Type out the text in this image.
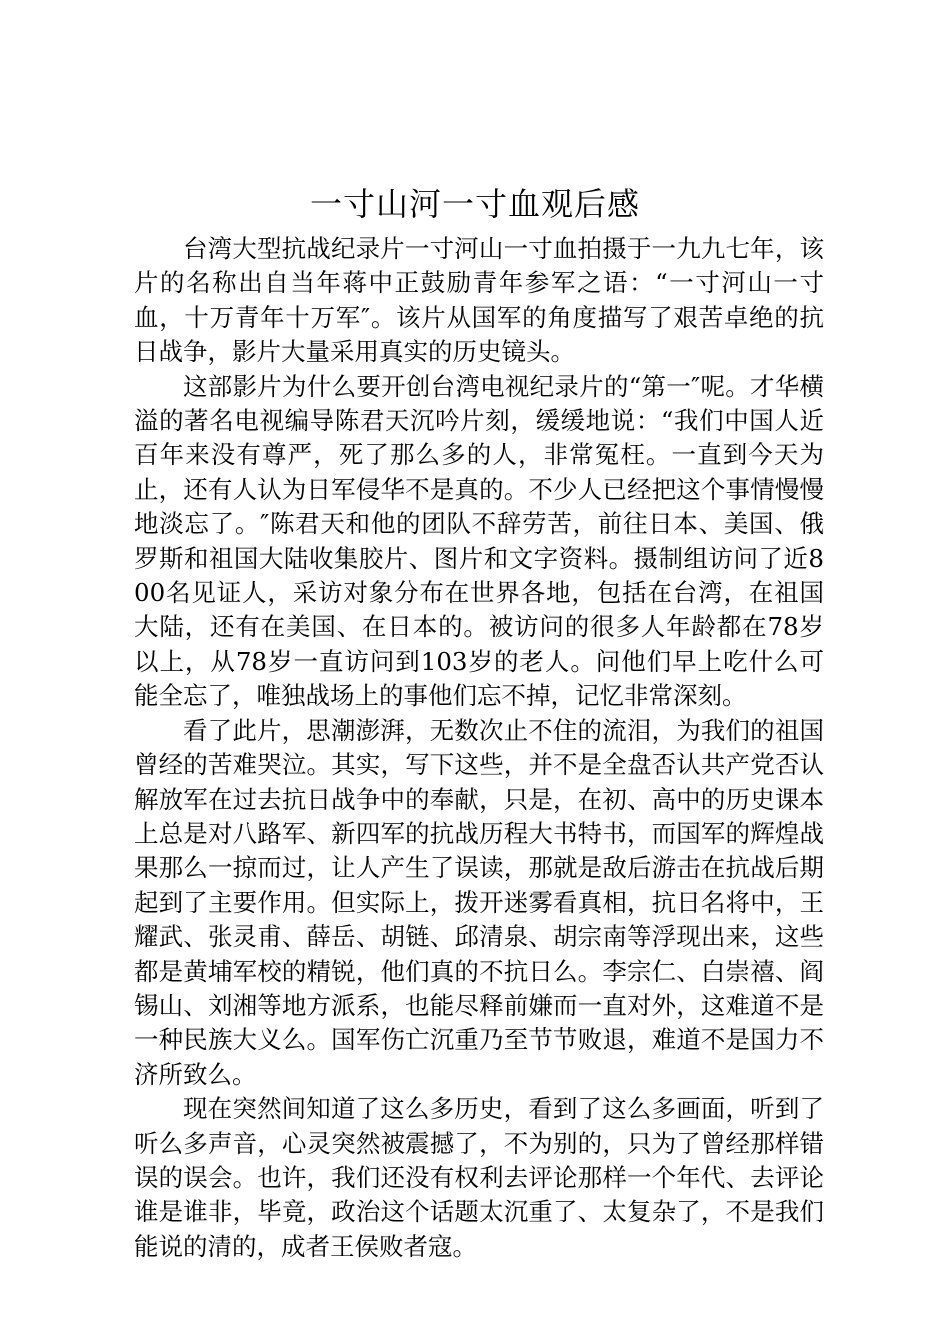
一寸山河一寸血观后感

台湾大型抗战纪录片一寸河山一寸血拍摄于一九九七年，该片的名称出自当年蒋中正鼓励青年参军之语：“一寸河山一寸血，十万青年十万军″。该片从国军的角度描写了艰苦卓绝的抗日战争，影片大量采用真实的历史镜头。

这部影片为什么要开创台湾电视纪录片的“第一″呢。才华横溢的著名电视编导陈君天沉吟片刻，缓缓地说：“我们中国人近百年来没有尊严，死了那么多的人，非常冤枉。一直到今天为止，还有人认为日军侵华不是真的。不少人已经把这个事情慢慢地淡忘了。″陈君天和他的团队不辞劳苦，前往日本、美国、俄罗斯和祖国大陆收集胶片、图片和文字资料。摄制组访问了近800名见证人，采访对象分布在世界各地，包括在台湾，在祖国大陆，还有在美国、在日本的。被访问的很多人年龄都在78岁以上，从78岁一直访问到103岁的老人。问他们早上吃什么可能全忘了，唯独战场上的事他们忘不掉，记忆非常深刻。

看了此片，思潮澎湃，无数次止不住的流泪，为我们的祖国曾经的苦难哭泣。其实，写下这些，并不是全盘否认共产党否认解放军在过去抗日战争中的奉献，只是，在初、高中的历史课本上总是对八路军、新四军的抗战历程大书特书，而国军的辉煌战果那么一掠而过，让人产生了误读，那就是敌后游击在抗战后期起到了主要作用。但实际上，拨开迷雾看真相，抗日名将中，王耀武、张灵甫、薛岳、胡链、邱清泉、胡宗南等浮现出来，这些都是黄埔军校的精锐，他们真的不抗日么。李宗仁、白崇禧、阎锡山、刘湘等地方派系，也能尽释前嫌而一直对外，这难道不是一种民族大义么。国军伤亡沉重乃至节节败退，难道不是国力不济所致么。

现在突然间知道了这么多历史，看到了这么多画面，听到了听么多声音，心灵突然被震撼了，不为别的，只为了曾经那样错误的误会。也许，我们还没有权利去评论那样一个年代、去评论谁是谁非，毕竟，政治这个话题太沉重了、太复杂了，不是我们能说的清的，成者王侯败者寇。
